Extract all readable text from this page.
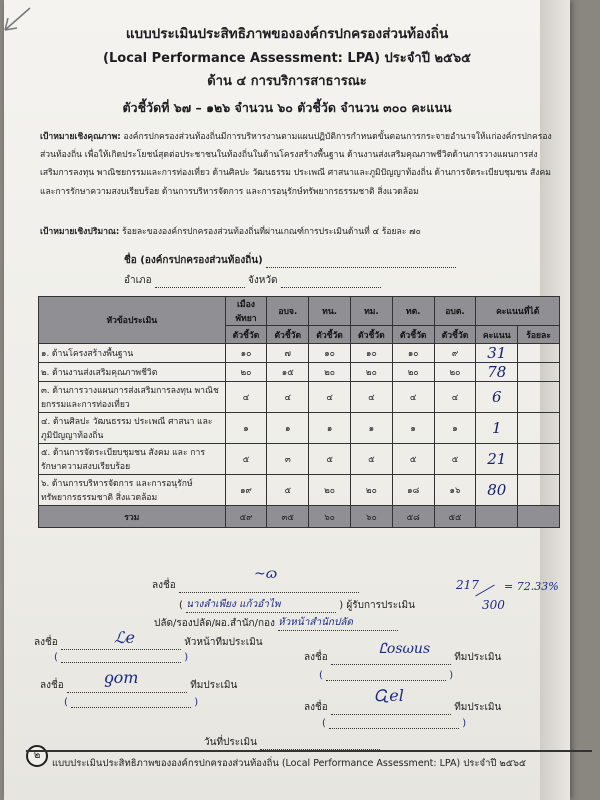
แบบประเมินประสิทธิภาพขององค์กรปกครองส่วนท้องถิ่น
(Local Performance Assessment: LPA) ประจำปี ๒๕๖๕
ด้าน ๔ การบริการสาธารณะ
ตัวชี้วัดที่ ๖๗ – ๑๒๖ จำนวน ๖๐ ตัวชี้วัด จำนวน ๓๐๐ คะแนน
เป้าหมายเชิงคุณภาพ: องค์กรปกครองส่วนท้องถิ่นมีการบริหารงานตามแผนปฏิบัติการกำหนดขั้นตอนการกระจายอำนาจให้แก่องค์กรปกครองส่วนท้องถิ่น เพื่อให้เกิดประโยชน์สุดต่อประชาชนในท้องถิ่นในด้านโครงสร้างพื้นฐาน ด้านงานส่งเสริมคุณภาพชีวิตด้านการวางแผนการส่งเสริมการลงทุน พาณิชยกรรมและการท่องเที่ยว ด้านศิลปะ วัฒนธรรม ประเพณี ศาสนาและภูมิปัญญาท้องถิ่น ด้านการจัดระเบียบชุมชน สังคม และการรักษาความสงบเรียบร้อย ด้านการบริหารจัดการ และการอนุรักษ์ทรัพยากรธรรมชาติ สิ่งแวดล้อม
เป้าหมายเชิงปริมาณ: ร้อยละขององค์กรปกครองส่วนท้องถิ่นที่ผ่านเกณฑ์การประเมินด้านที่ ๔ ร้อยละ ๗๐
ชื่อ (องค์กรปกครองส่วนท้องถิ่น)
อำเภอ	จังหวัด
หัวข้อประเมิน	เมือง พัทยา	อบจ.	ทน.	ทม.	ทต.	อบต.	คะแนนที่ได้	
	ตัวชี้วัด	ตัวชี้วัด	ตัวชี้วัด	ตัวชี้วัด	ตัวชี้วัด	ตัวชี้วัด	คะแนน	ร้อยละ
๑. ด้านโครงสร้างพื้นฐาน	๑๐	๗	๑๐	๑๐	๑๐	๙	31	
๒. ด้านงานส่งเสริมคุณภาพชีวิต	๒๐	๑๕	๒๐	๒๐	๒๐	๒๐	78	
๓. ด้านการวางแผนการส่งเสริมการลงทุน พาณิชยกรรมและการท่องเที่ยว	๔	๔	๔	๔	๔	๔	6	
๔. ด้านศิลปะ วัฒนธรรม ประเพณี ศาสนา และภูมิปัญญาท้องถิ่น	๑	๑	๑	๑	๑	๑	1	
๕. ด้านการจัดระเบียบชุมชน สังคม และ การรักษาความสงบเรียบร้อย	๕	๓	๕	๕	๕	๕	21	
๖. ด้านการบริหารจัดการ และการอนุรักษ์ ทรัพยากรธรรมชาติ สิ่งแวดล้อม	๑๙	๕	๒๐	๒๐	๑๘	๑๖	80	
รวม	๕๙	๓๕	๖๐	๖๐	๕๘	๕๕		
217
300
= 72.33%
ลงชื่อ
~ɷ
( นางลำเพียง แก้วอำไพ	) ผู้รับการประเมิน
ปลัด/รองปลัด/ผอ.สำนัก/กอง หัวหน้าสำนักปลัด
ลงชื่อ	หัวหน้าทีมประเมิน
ℒe
(	)	ลงชื่อ	ทีมประเมิน
Ꮭosωus
(	)
ลงชื่อ	ทีมประเมิน
ƍom
(	)	ลงชื่อ	ทีมประเมิน
Ꮹel
(	)
วันที่ประเมิน
๒
แบบประเมินประสิทธิภาพขององค์กรปกครองส่วนท้องถิ่น (Local Performance Assessment: LPA) ประจำปี ๒๕๖๕
